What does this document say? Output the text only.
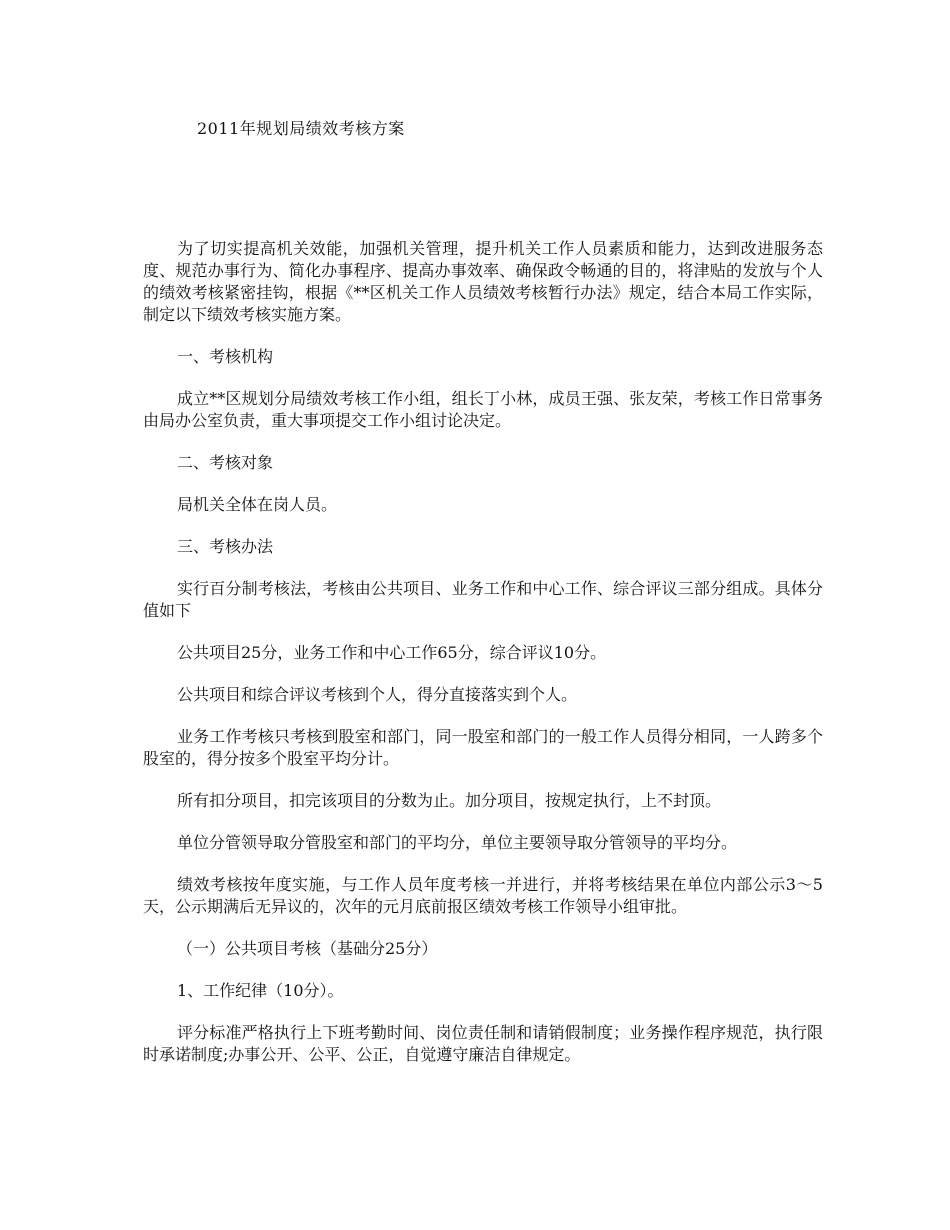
2011年规划局绩效考核方案

为了切实提高机关效能，加强机关管理，提升机关工作人员素质和能力，达到改进服务态度、规范办事行为、简化办事程序、提高办事效率、确保政令畅通的目的，将津贴的发放与个人的绩效考核紧密挂钩，根据《**区机关工作人员绩效考核暂行办法》规定，结合本局工作实际，制定以下绩效考核实施方案。

一、考核机构

成立**区规划分局绩效考核工作小组，组长丁小林，成员王强、张友荣，考核工作日常事务由局办公室负责，重大事项提交工作小组讨论决定。

二、考核对象

局机关全体在岗人员。

三、考核办法

实行百分制考核法，考核由公共项目、业务工作和中心工作、综合评议三部分组成。具体分值如下

公共项目25分，业务工作和中心工作65分，综合评议10分。

公共项目和综合评议考核到个人，得分直接落实到个人。

业务工作考核只考核到股室和部门，同一股室和部门的一般工作人员得分相同，一人跨多个股室的，得分按多个股室平均分计。

所有扣分项目，扣完该项目的分数为止。加分项目，按规定执行，上不封顶。

单位分管领导取分管股室和部门的平均分，单位主要领导取分管领导的平均分。

绩效考核按年度实施，与工作人员年度考核一并进行，并将考核结果在单位内部公示3～5天，公示期满后无异议的，次年的元月底前报区绩效考核工作领导小组审批。

（一）公共项目考核（基础分25分）

1、工作纪律（10分）。

评分标准严格执行上下班考勤时间、岗位责任制和请销假制度；业务操作程序规范，执行限时承诺制度;办事公开、公平、公正，自觉遵守廉洁自律规定。
